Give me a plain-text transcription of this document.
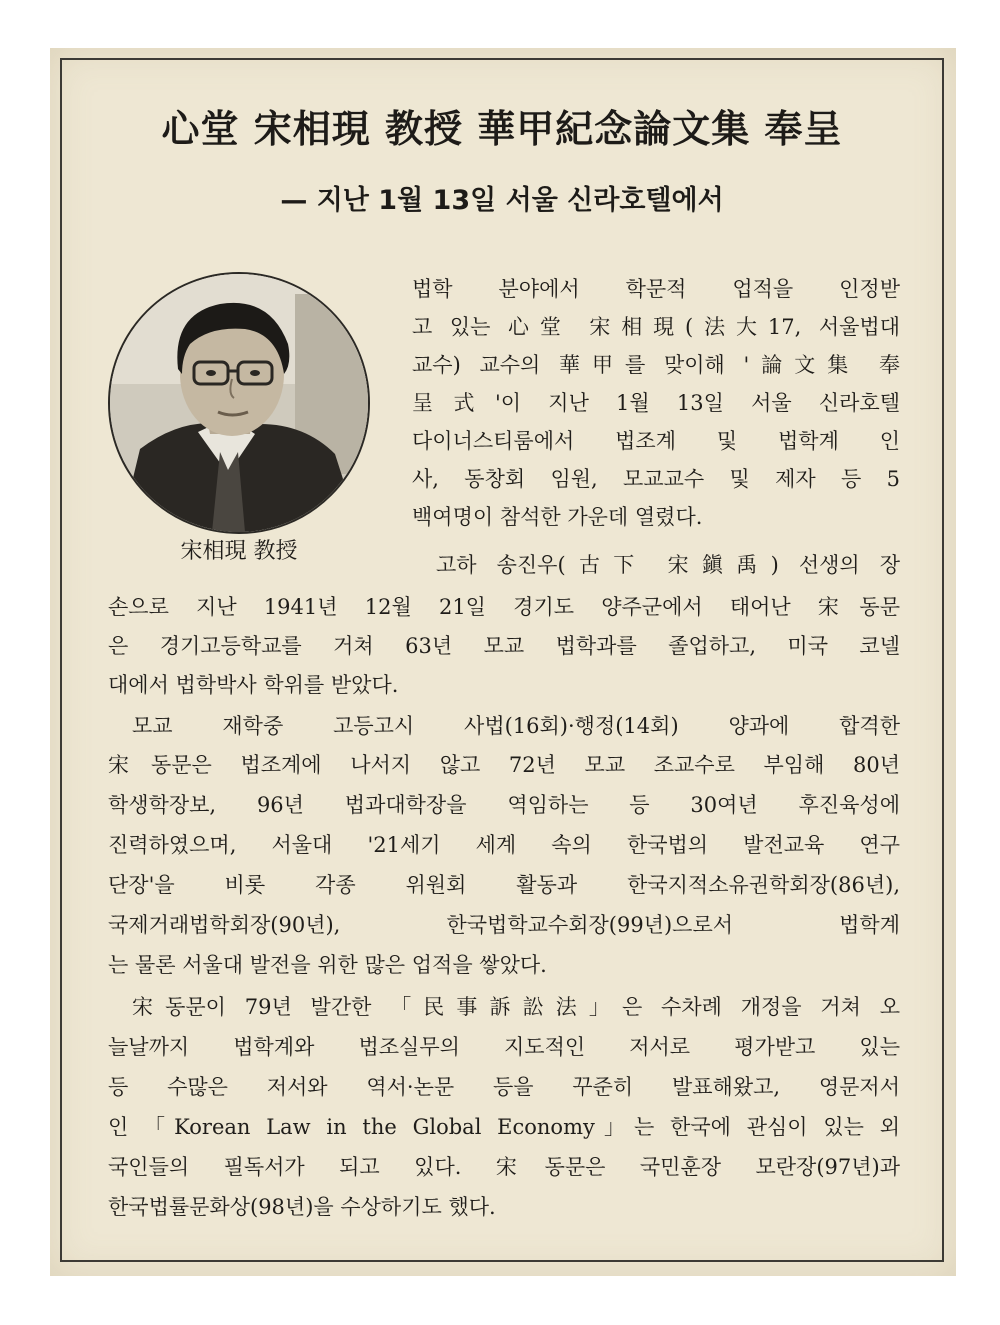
心堂 宋相現 教授 華甲紀念論文集 奉呈
— 지난 1월 13일 서울 신라호텔에서
宋相現 教授
법학 분야에서 학문적 업적을 인정받
고 있는 心堂 宋相現(法大17, 서울법대
교수) 교수의 華甲를 맞이해 '論文集 奉
呈式'이 지난 1월 13일 서울 신라호텔
다이너스티룸에서 법조계 및 법학계 인
사, 동창회 임원, 모교교수 및 제자 등 5
백여명이 참석한 가운데 열렸다.
고하 송진우(古下 宋鎭禹) 선생의 장
손으로 지난 1941년 12월 21일 경기도 양주군에서 태어난 宋동문
은 경기고등학교를 거쳐 63년 모교 법학과를 졸업하고, 미국 코넬
대에서 법학박사 학위를 받았다.
모교 재학중 고등고시 사법(16회)·행정(14회) 양과에 합격한
宋동문은 법조계에 나서지 않고 72년 모교 조교수로 부임해 80년
학생학장보, 96년 법과대학장을 역임하는 등 30여년 후진육성에
진력하였으며, 서울대 '21세기 세계 속의 한국법의 발전교육 연구
단장'을 비롯 각종 위원회 활동과 한국지적소유권학회장(86년),
국제거래법학회장(90년), 한국법학교수회장(99년)으로서 법학계
는 물론 서울대 발전을 위한 많은 업적을 쌓았다.
宋동문이 79년 발간한 「民事訴訟法」은 수차례 개정을 거쳐 오
늘날까지 법학계와 법조실무의 지도적인 저서로 평가받고 있는
등 수많은 저서와 역서·논문 등을 꾸준히 발표해왔고, 영문저서
인 「Korean Law in the Global Economy」는 한국에 관심이 있는 외
국인들의 필독서가 되고 있다. 宋동문은 국민훈장 모란장(97년)과
한국법률문화상(98년)을 수상하기도 했다.
